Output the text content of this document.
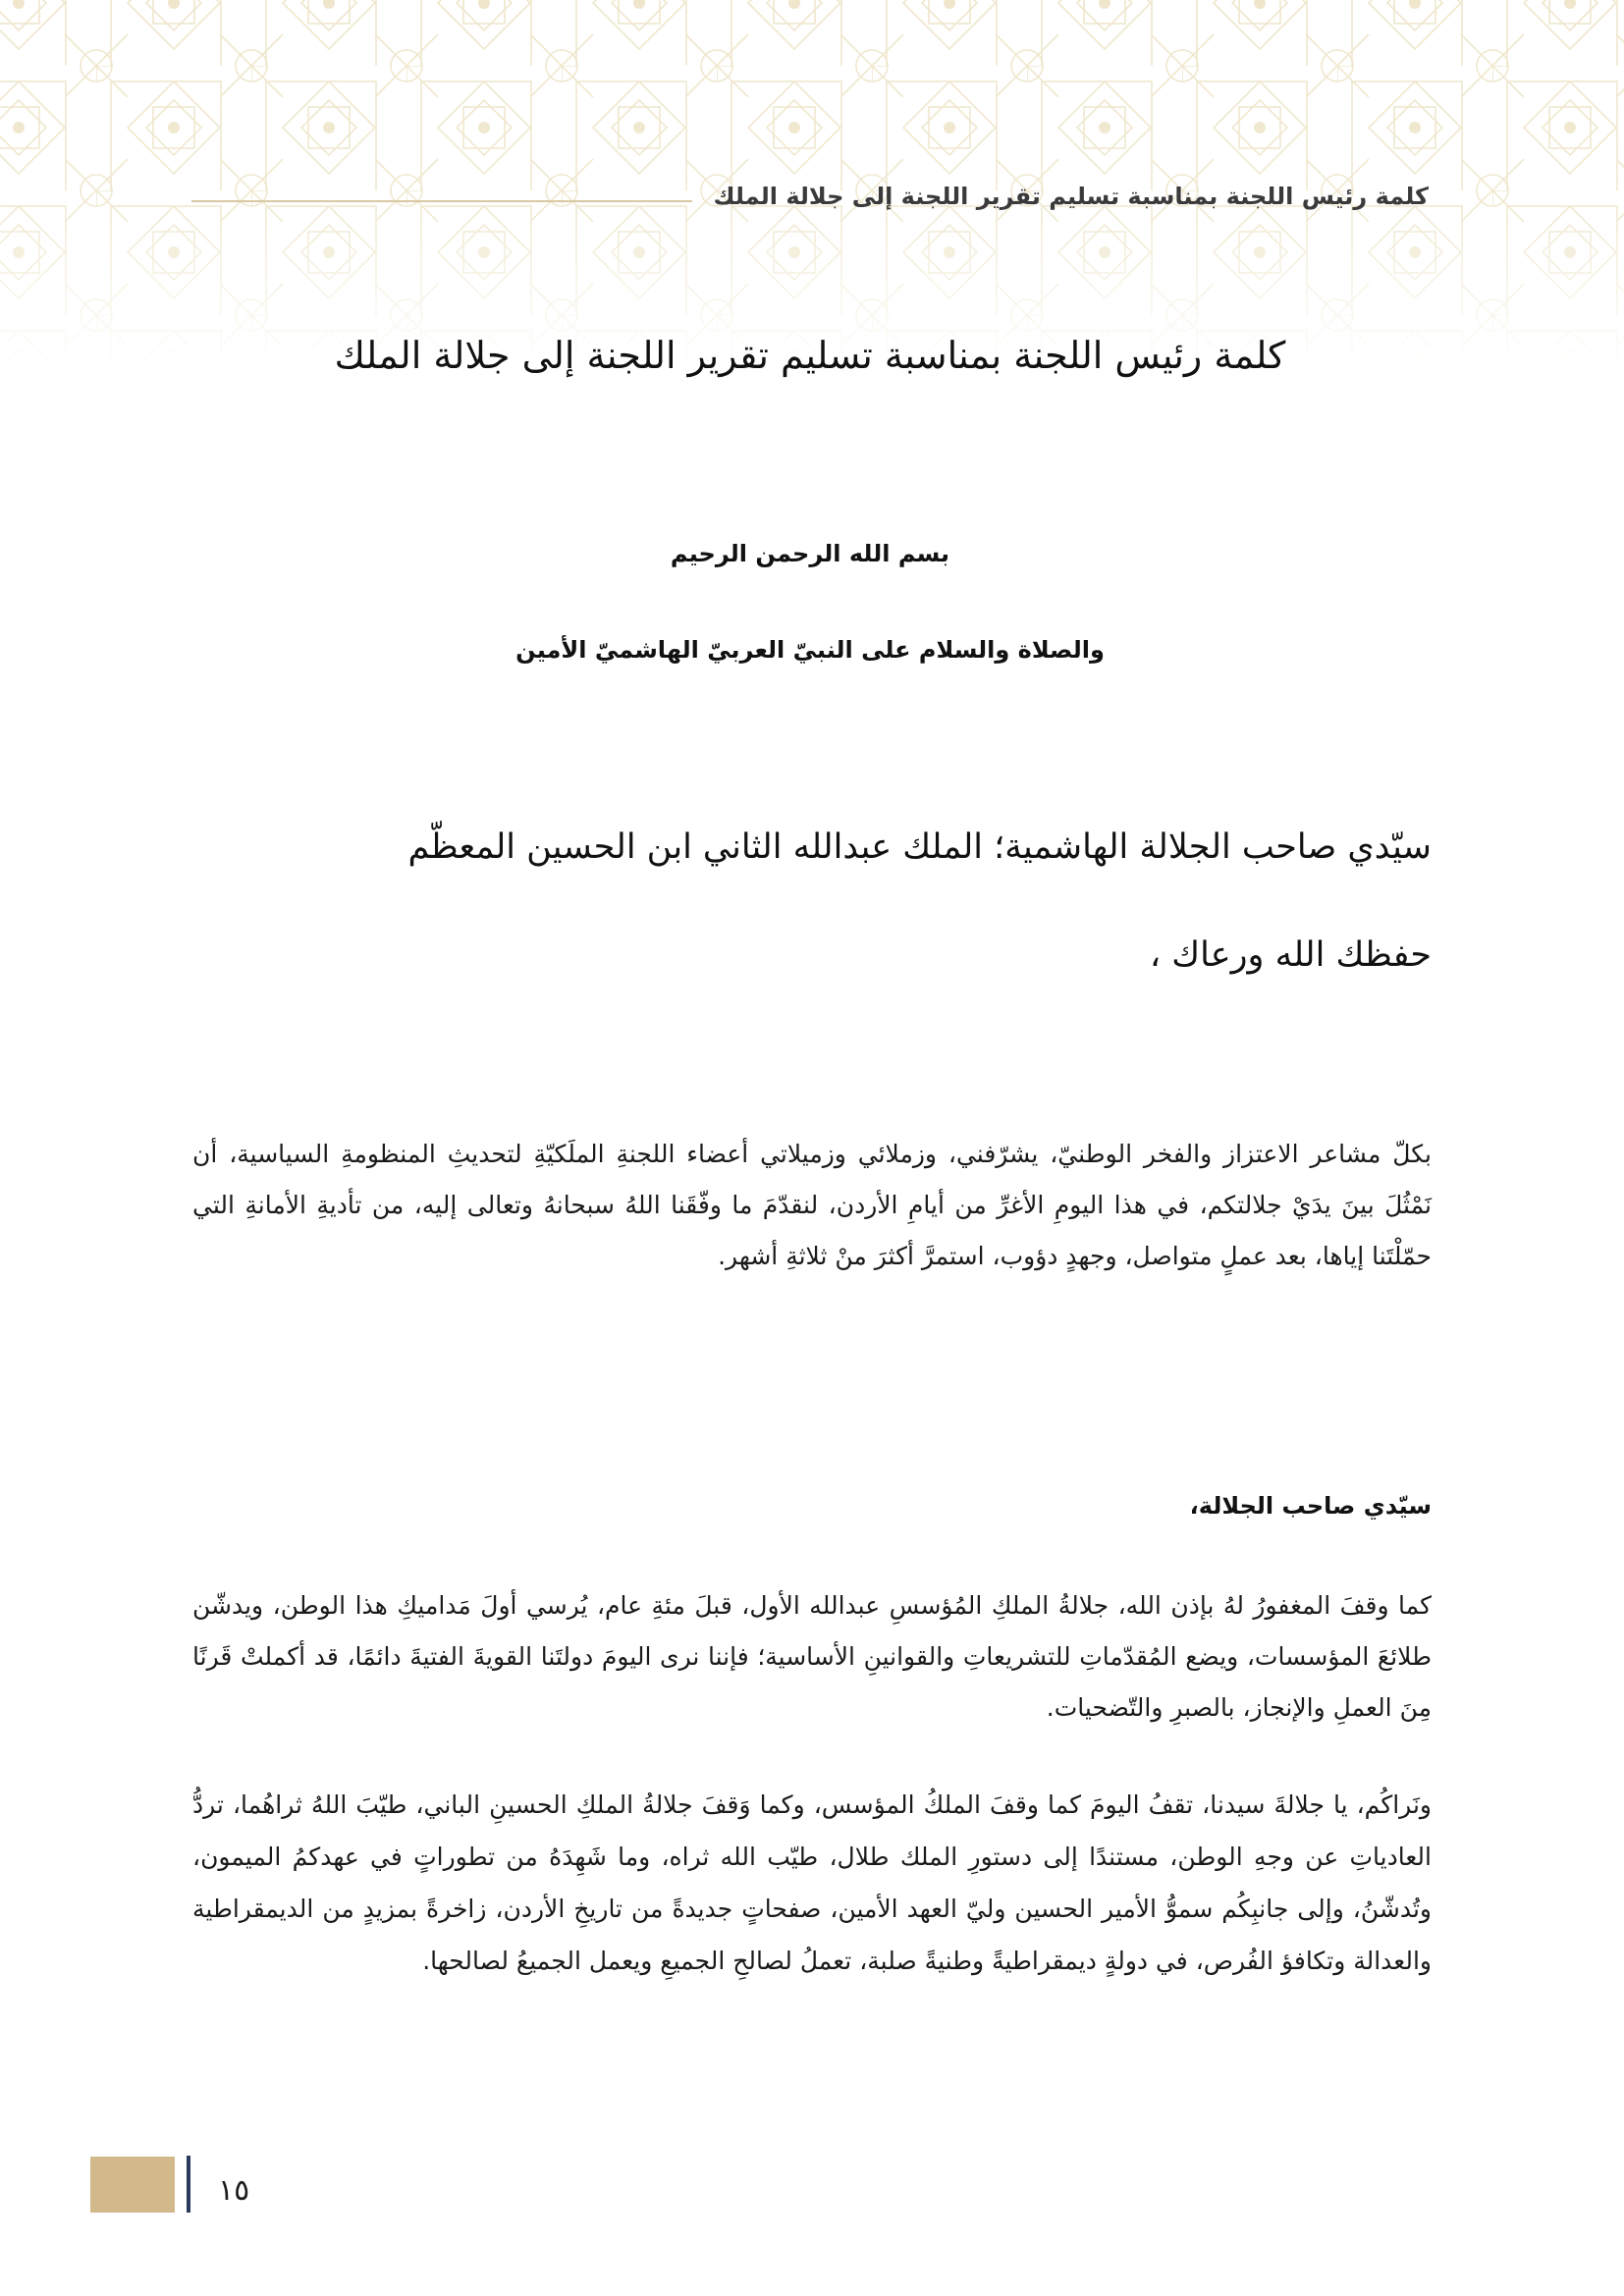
كلمة رئيس اللجنة بمناسبة تسليم تقرير اللجنة إلى جلالة الملك
كلمة رئيس اللجنة بمناسبة تسليم تقرير اللجنة إلى جلالة الملك
بسم الله الرحمن الرحيم
والصلاة والسلام على النبيّ العربيّ الهاشميّ الأمين
سيّدي صاحب الجلالة الهاشمية؛ الملك عبدالله الثاني ابن الحسين المعظّم
حفظك الله ورعاك ،

بكلّ مشاعر الاعتزاز والفخر الوطنيّ، يشرّفني، وزملائي وزميلاتي أعضاء اللجنةِ الملَكيّةِ لتحديثِ المنظومةِ السياسية، أن نَمْثُلَ بينَ يدَيْ جلالتكم، في هذا اليومِ الأغرِّ من أيامِ الأردن، لنقدّمَ ما وفّقَنا اللهُ سبحانهُ وتعالى إليه، من تأديةِ الأمانةِ التي حمّلْتَنا إياها، بعد عملٍ متواصل، وجهدٍ دؤوب، استمرَّ أكثرَ منْ ثلاثةِ أشهر.

سيّدي صاحب الجلالة،

كما وقفَ المغفورُ لهُ بإذن الله، جلالةُ الملكِ المُؤسسِ عبدالله الأول، قبلَ مئةِ عام، يُرسي أولَ مَداميكِ هذا الوطن، ويدشّن طلائعَ المؤسسات، ويضع المُقدّماتِ للتشريعاتِ والقوانينِ الأساسية؛ فإننا نرى اليومَ دولتَنا القويةَ الفتيةَ دائمًا، قد أكملتْ قَرنًا مِنَ العملِ والإنجاز، بالصبرِ والتّضحيات.

ونَراكُم، يا جلالةَ سيدنا، تقفُ اليومَ كما وقفَ الملكُ المؤسس، وكما وَقفَ جلالةُ الملكِ الحسينِ الباني، طيّبَ اللهُ ثراهُما، تردُّ العادياتِ عن وجهِ الوطن، مستندًا إلى دستورِ الملك طلال، طيّب الله ثراه، وما شَهِدَهُ من تطوراتٍ في عهدكمُ الميمون، وتُدشّنُ، وإلى جانبِكُم سموُّ الأمير الحسين وليّ العهد الأمين، صفحاتٍ جديدةً من تاريخِ الأردن، زاخرةً بمزيدٍ من الديمقراطية والعدالة وتكافؤ الفُرص، في دولةٍ ديمقراطيةً وطنيةً صلبة، تعملُ لصالحِ الجميعِ ويعمل الجميعُ لصالحها.

١٥
